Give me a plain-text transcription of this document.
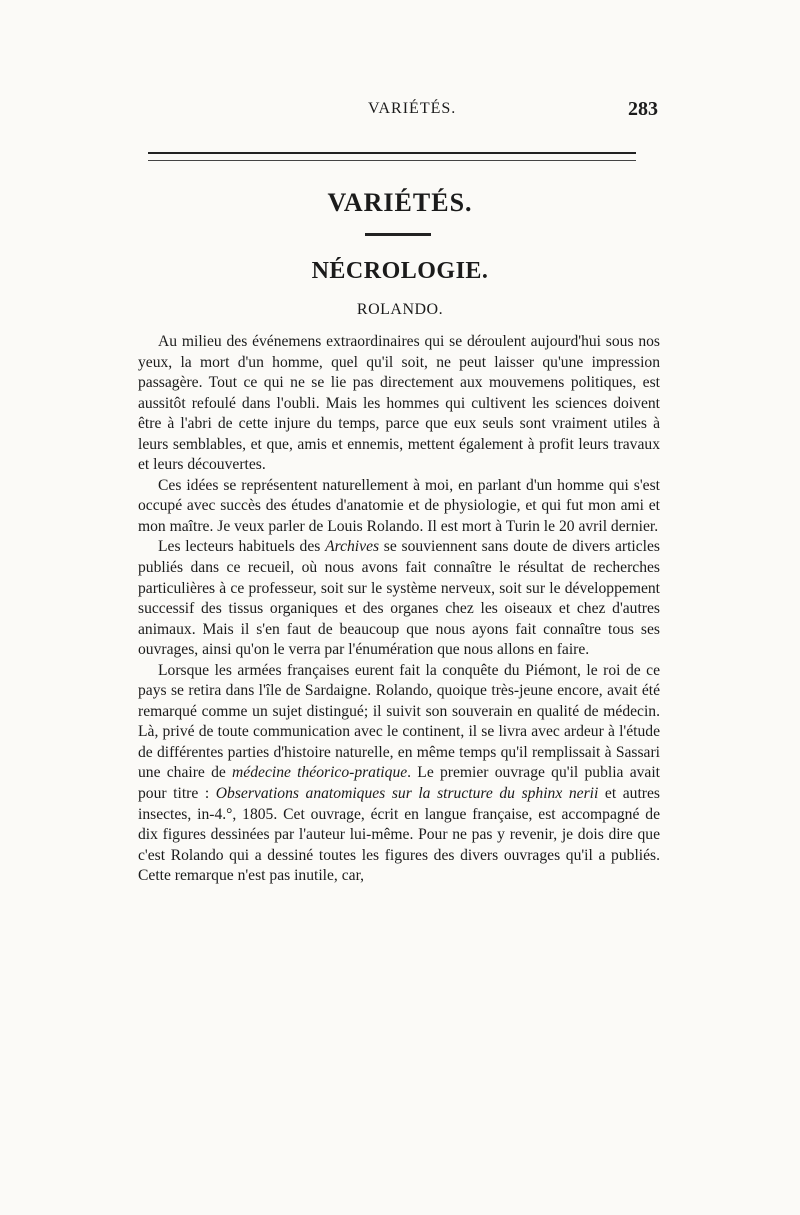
VARIÉTÉS.	283
VARIÉTÉS.
NÉCROLOGIE.
ROLANDO.

Au milieu des événemens extraordinaires qui se déroulent aujourd'hui sous nos yeux, la mort d'un homme, quel qu'il soit, ne peut laisser qu'une impression passagère. Tout ce qui ne se lie pas directement aux mouvemens politiques, est aussitôt refoulé dans l'oubli. Mais les hommes qui cultivent les sciences doivent être à l'abri de cette injure du temps, parce que eux seuls sont vraiment utiles à leurs semblables, et que, amis et ennemis, mettent également à profit leurs travaux et leurs découvertes.

Ces idées se représentent naturellement à moi, en parlant d'un homme qui s'est occupé avec succès des études d'anatomie et de physiologie, et qui fut mon ami et mon maître. Je veux parler de Louis Rolando. Il est mort à Turin le 20 avril dernier.

Les lecteurs habituels des Archives se souviennent sans doute de divers articles publiés dans ce recueil, où nous avons fait connaître le résultat de recherches particulières à ce professeur, soit sur le système nerveux, soit sur le développement successif des tissus organiques et des organes chez les oiseaux et chez d'autres animaux. Mais il s'en faut de beaucoup que nous ayons fait connaître tous ses ouvrages, ainsi qu'on le verra par l'énumération que nous allons en faire.

Lorsque les armées françaises eurent fait la conquête du Piémont, le roi de ce pays se retira dans l'île de Sardaigne. Rolando, quoique très-jeune encore, avait été remarqué comme un sujet distingué; il suivit son souverain en qualité de médecin. Là, privé de toute communication avec le continent, il se livra avec ardeur à l'étude de différentes parties d'histoire naturelle, en même temps qu'il remplissait à Sassari une chaire de médecine théorico-pratique. Le premier ouvrage qu'il publia avait pour titre : Observations anatomiques sur la structure du sphinx nerii et autres insectes, in-4.°, 1805. Cet ouvrage, écrit en langue française, est accompagné de dix figures dessinées par l'auteur lui-même. Pour ne pas y revenir, je dois dire que c'est Rolando qui a dessiné toutes les figures des divers ouvrages qu'il a publiés. Cette remarque n'est pas inutile, car,
